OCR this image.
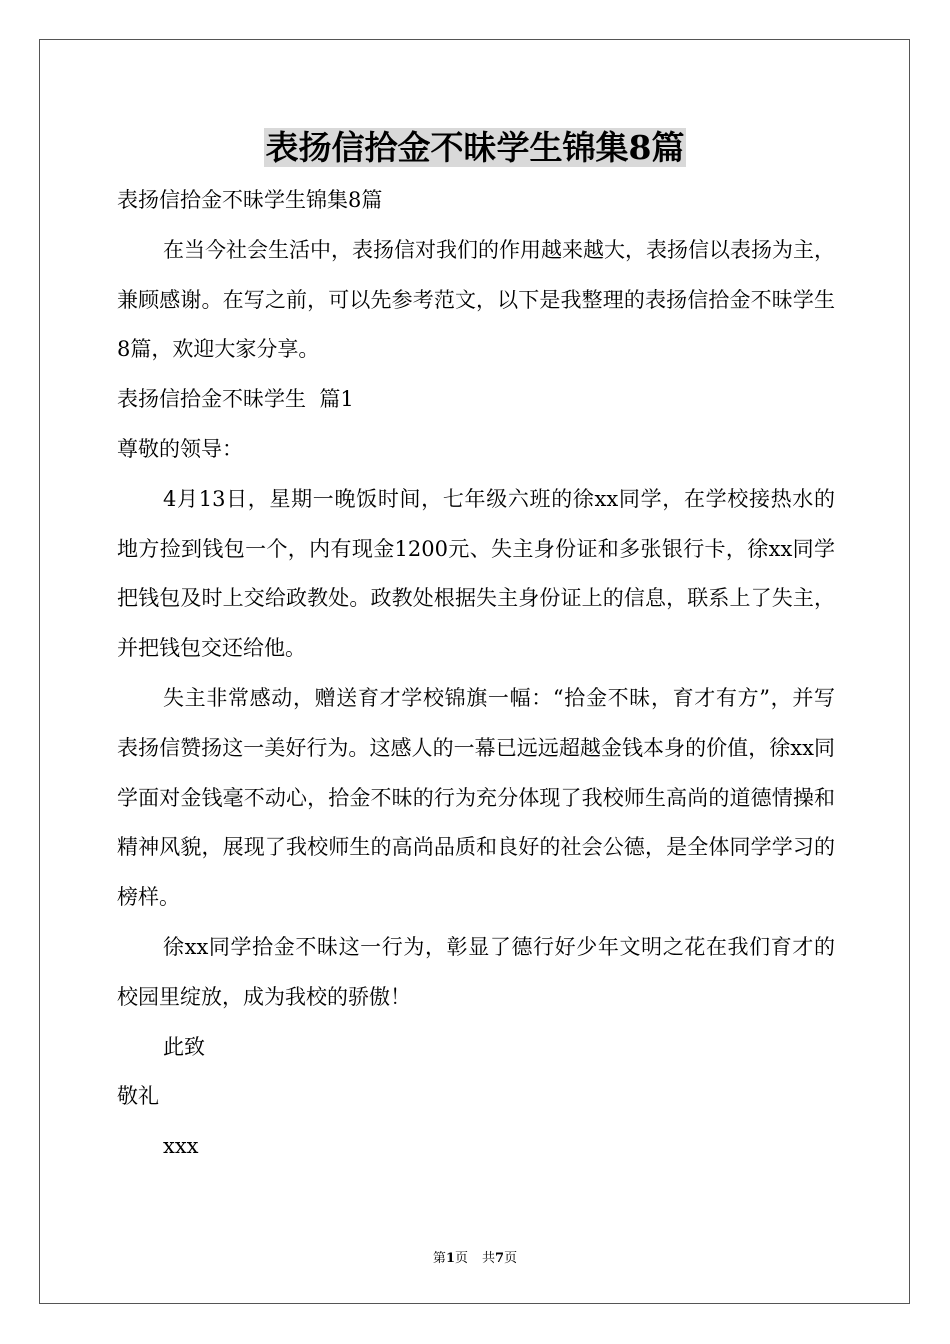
表扬信拾金不昧学生锦集8篇

表扬信拾金不昧学生锦集8篇

在当今社会生活中，表扬信对我们的作用越来越大，表扬信以表扬为主，兼顾感谢。在写之前，可以先参考范文，以下是我整理的表扬信拾金不昧学生8篇，欢迎大家分享。

表扬信拾金不昧学生  篇1

尊敬的领导：

4月13日，星期一晚饭时间，七年级六班的徐xx同学，在学校接热水的地方捡到钱包一个，内有现金1200元、失主身份证和多张银行卡，徐xx同学把钱包及时上交给政教处。政教处根据失主身份证上的信息，联系上了失主，并把钱包交还给他。

失主非常感动，赠送育才学校锦旗一幅：“拾金不昧，育才有方”，并写表扬信赞扬这一美好行为。这感人的一幕已远远超越金钱本身的价值，徐xx同学面对金钱毫不动心，拾金不昧的行为充分体现了我校师生高尚的道德情操和精神风貌，展现了我校师生的高尚品质和良好的社会公德，是全体同学学习的榜样。

徐xx同学拾金不昧这一行为，彰显了德行好少年文明之花在我们育才的校园里绽放，成为我校的骄傲！

此致

敬礼

xxx

第1页 共7页
